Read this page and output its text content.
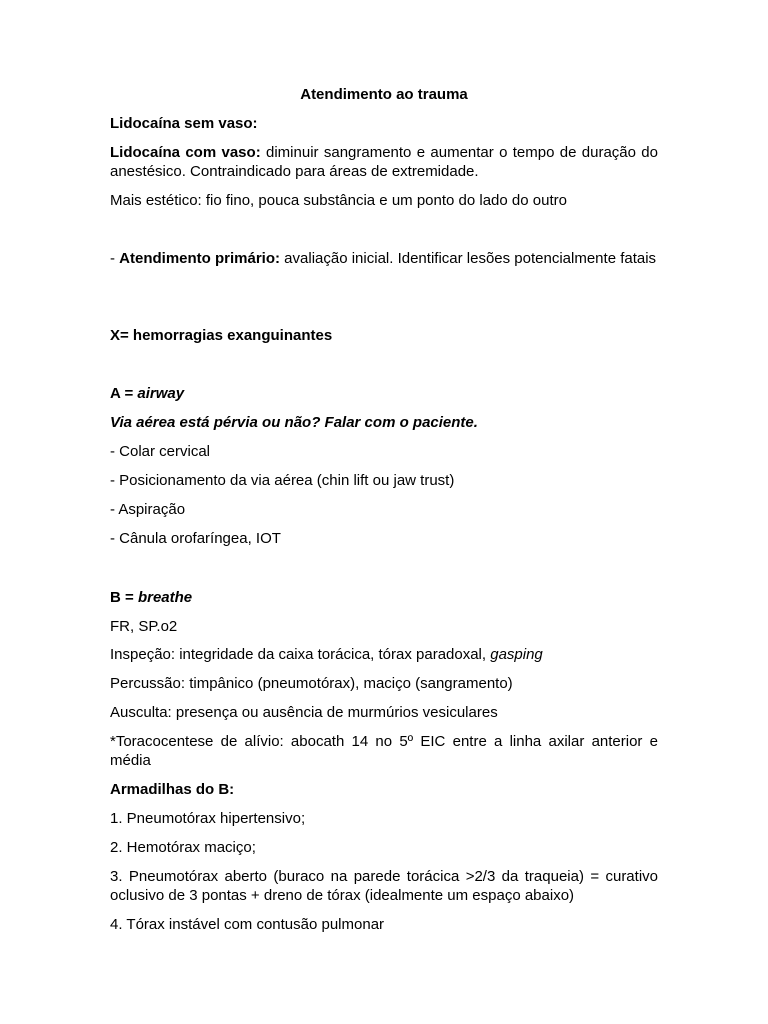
Atendimento ao trauma
Lidocaína sem vaso:
Lidocaína com vaso: diminuir sangramento e aumentar o tempo de duração do anestésico. Contraindicado para áreas de extremidade.
Mais estético: fio fino, pouca substância e um ponto do lado do outro
- Atendimento primário: avaliação inicial. Identificar lesões potencialmente fatais
X= hemorragias exanguinantes
A = airway
Via aérea está pérvia ou não? Falar com o paciente.
- Colar cervical
- Posicionamento da via aérea (chin lift ou jaw trust)
- Aspiração
- Cânula orofaríngea, IOT
B = breathe
FR, SP.o2
Inspeção: integridade da caixa torácica, tórax paradoxal, gasping
Percussão: timpânico (pneumotórax), maciço (sangramento)
Ausculta: presença ou ausência de murmúrios vesiculares
*Toracocentese de alívio: abocath 14 no 5º EIC entre a linha axilar anterior e média
Armadilhas do B:
1. Pneumotórax hipertensivo;
2. Hemotórax maciço;
3. Pneumotórax aberto (buraco na parede torácica >2/3 da traqueia) = curativo oclusivo de 3 pontas + dreno de tórax (idealmente um espaço abaixo)
4. Tórax instável com contusão pulmonar
